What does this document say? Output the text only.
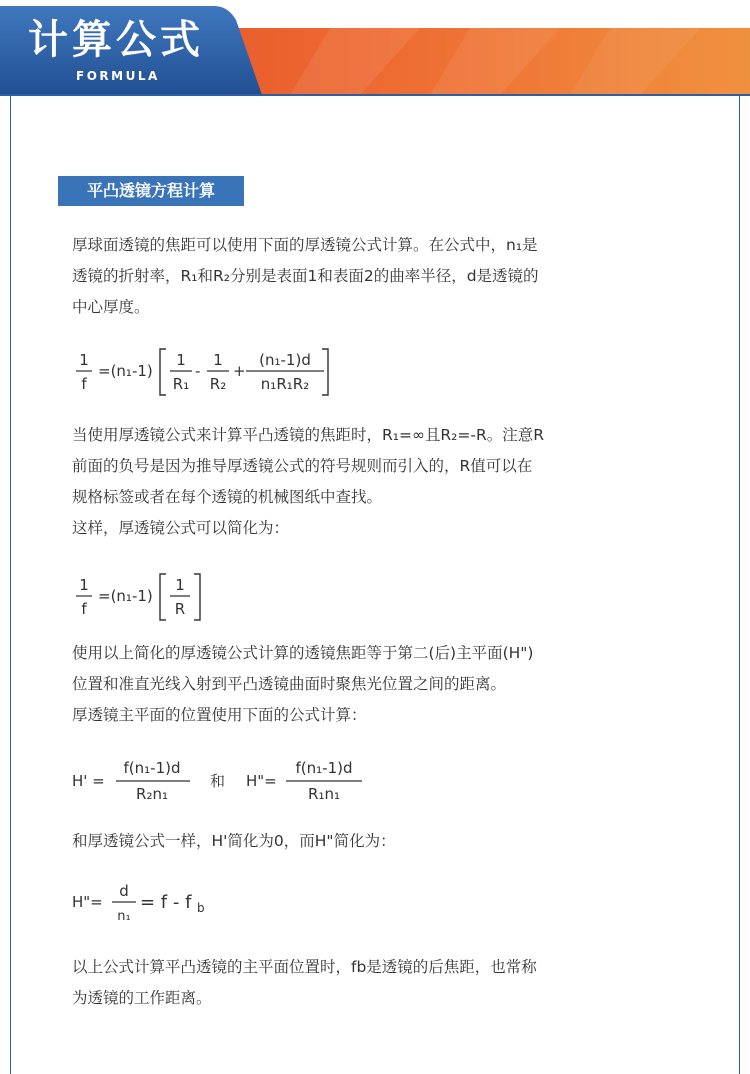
计算公式
FORMULA
平凸透镜方程计算

厚球面透镜的焦距可以使用下面的厚透镜公式计算。在公式中，n₁是
透镜的折射率，R₁和R₂分别是表面1和表面2的曲率半径，d是透镜的
中心厚度。

1
f
=(n₁-1)
1
R₁
-
1
R₂
+
(n₁-1)d
n₁R₁R₂

当使用厚透镜公式来计算平凸透镜的焦距时，R₁=∞且R₂=-R。注意R
前面的负号是因为推导厚透镜公式的符号规则而引入的，R值可以在
规格标签或者在每个透镜的机械图纸中查找。
这样，厚透镜公式可以简化为：

1
f
=(n₁-1)
1
R

使用以上简化的厚透镜公式计算的透镜焦距等于第二(后)主平面(H")
位置和准直光线入射到平凸透镜曲面时聚焦光位置之间的距离。
厚透镜主平面的位置使用下面的公式计算：

H' =
f(n₁-1)d
R₂n₁
和 H"=
f(n₁-1)d
R₁n₁

和厚透镜公式一样，H'简化为0，而H"简化为：

H"=
d
n₁
= f - f b

以上公式计算平凸透镜的主平面位置时，fb是透镜的后焦距，也常称
为透镜的工作距离。
